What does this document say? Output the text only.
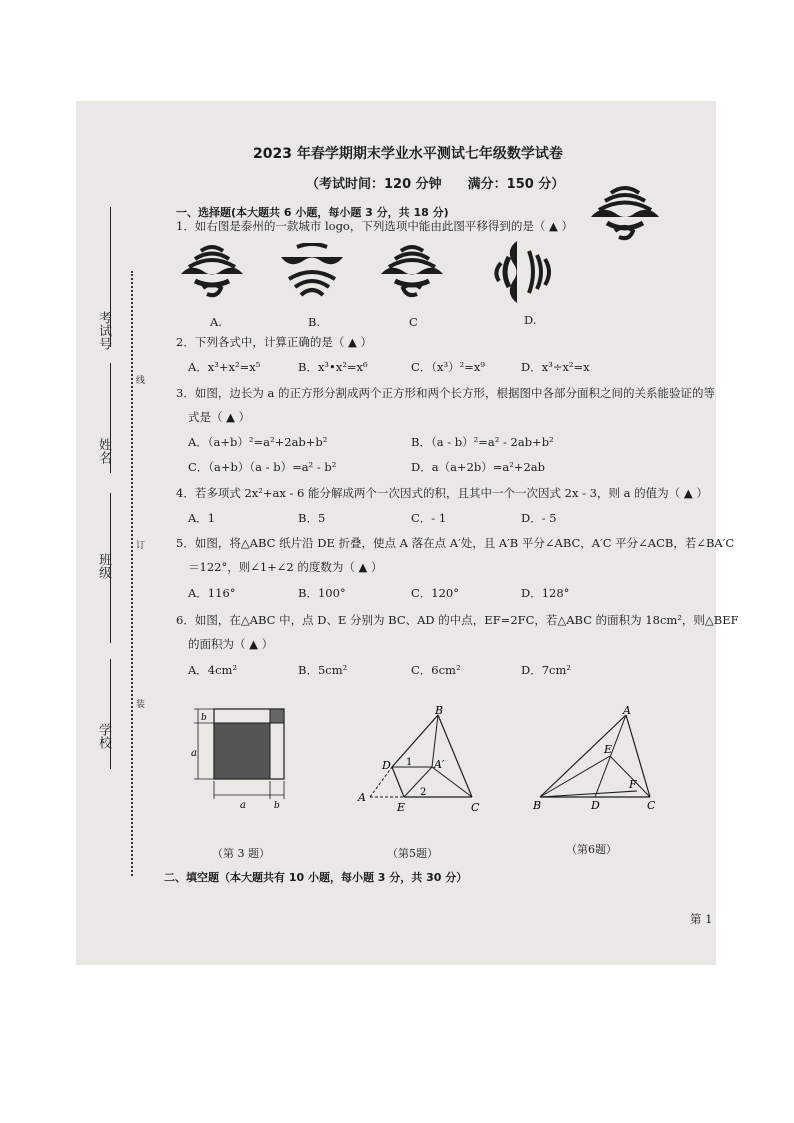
2023 年春学期期末学业水平测试七年级数学试卷
（考试时间：120 分钟　　满分：150 分）
线
订
装
考试号
姓名
班级
学校
一、选择题(本大题共 6 小题，每小题 3 分，共 18 分)
1．如右图是泰州的一款城市 logo，下列选项中能由此图平移得到的是（ ▲ ）
A.	B.	C	D.
2．下列各式中，计算正确的是（ ▲ ）
A．x³+x²=x⁵	B．x³•x²=x⁶	C．（x³）²=x⁹	D．x³÷x²=x
3．如图，边长为 a 的正方形分割成两个正方形和两个长方形，根据图中各部分面积之间的关系能验证的等
式是（ ▲ ）
A．（a+b）²=a²+2ab+b²	B．（a - b）²=a² - 2ab+b²
C．（a+b）（a - b）=a² - b²	D．a（a+2b）=a²+2ab
4．若多项式 2x²+ax - 6 能分解成两个一次因式的积，且其中一个一次因式 2x - 3，则 a 的值为（ ▲ ）
A．1	B．5	C．- 1	D．- 5
5．如图，将△ABC 纸片沿 DE 折叠，使点 A 落在点 A′处，且 A′B 平分∠ABC，A′C 平分∠ACB，若∠BA′C
＝122°，则∠1+∠2 的度数为（ ▲ ）
A．116°	B．100°	C．120°	D．128°
6．如图，在△ABC 中，点 D、E 分别为 BC、AD 的中点，EF=2FC，若△ABC 的面积为 18cm²，则△BEF
的面积为（ ▲ ）
A．4cm²	B．5cm²	C．6cm²	D．7cm²
b
a
a	b
（第 3 题）
B
D 1 A′
A	2
E	C
（第5题）
A
E
F
B	D	C
（第6题）
二、填空题（本大题共有 10 小题，每小题 3 分，共 30 分）
第 1
